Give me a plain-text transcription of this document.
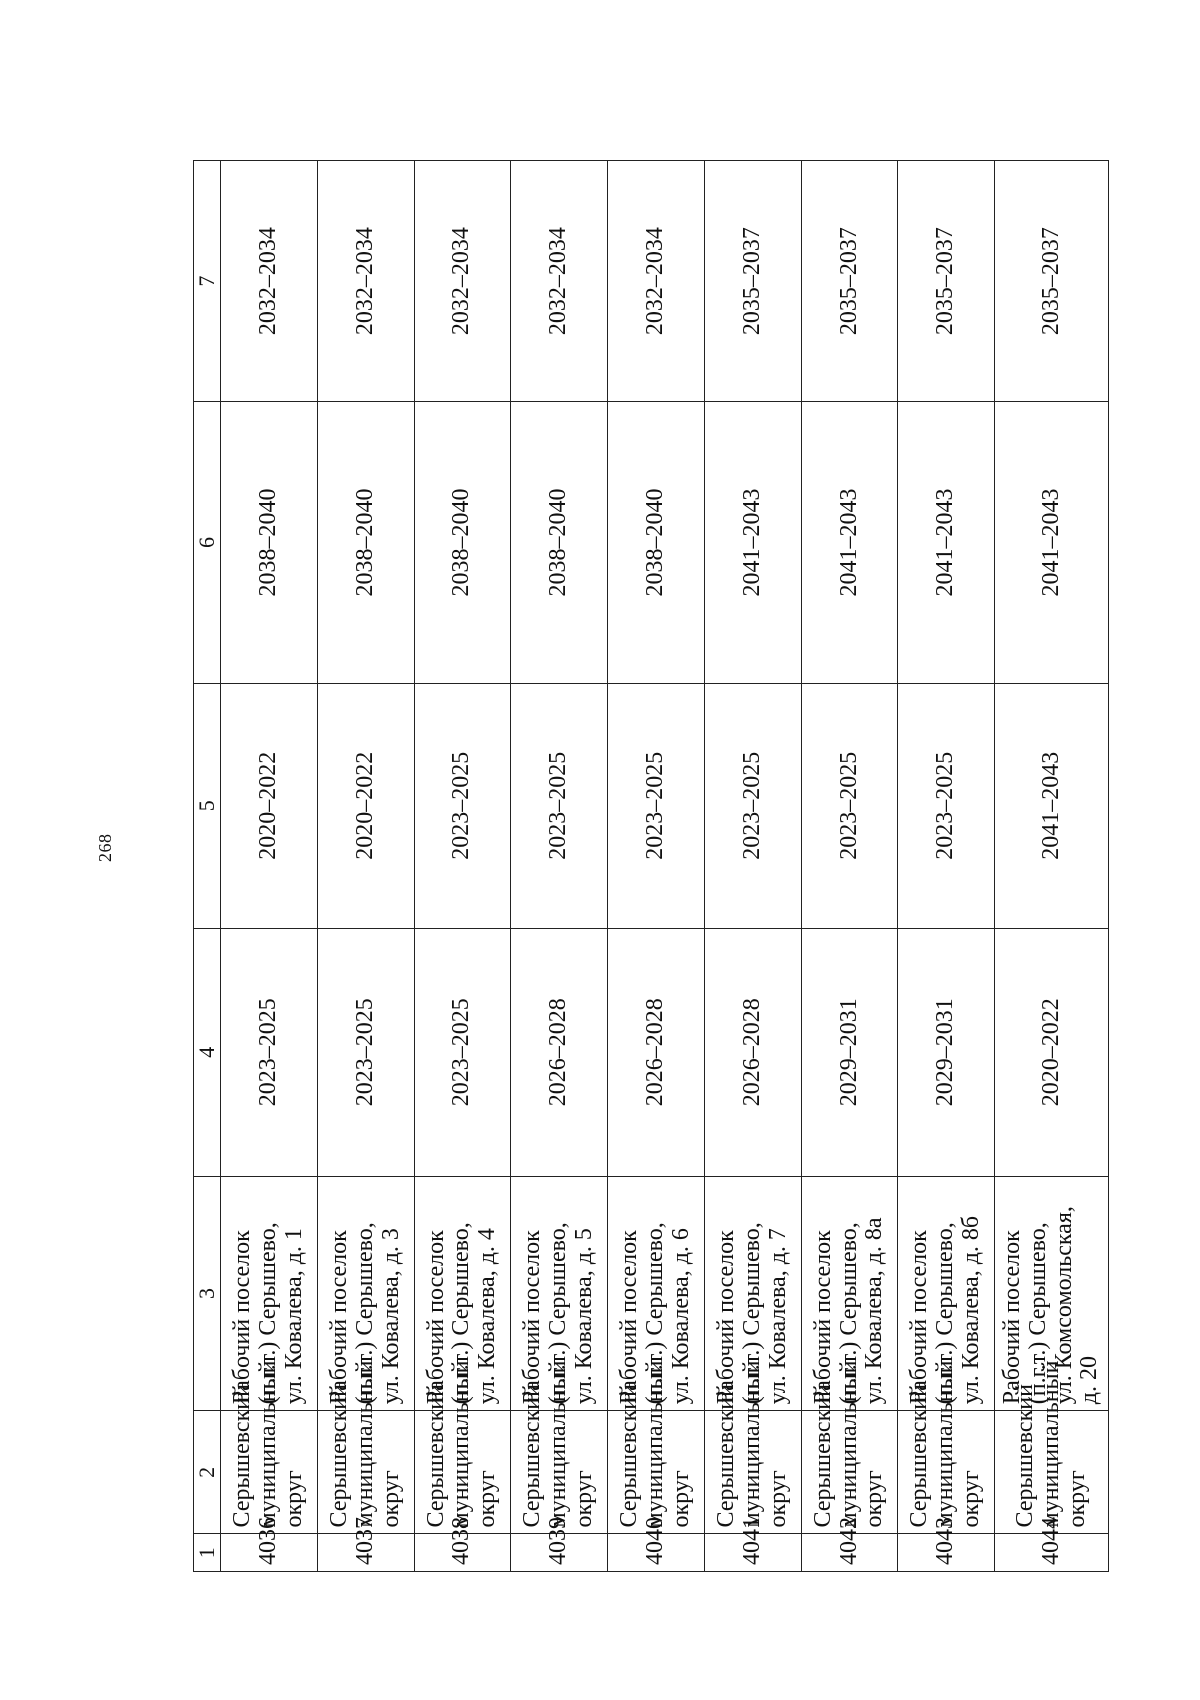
268
1	2	3	4	5	6	7
4036	Серышевский
муниципальный
округ	Рабочий поселок
(п.г.т.) Серышево,
ул. Ковалева, д. 1	2023–2025	2020–2022	2038–2040	2032–2034
4037	Серышевский
муниципальный
округ	Рабочий поселок
(п.г.т.) Серышево,
ул. Ковалева, д. 3	2023–2025	2020–2022	2038–2040	2032–2034
4038	Серышевский
муниципальный
округ	Рабочий поселок
(п.г.т.) Серышево,
ул. Ковалева, д. 4	2023–2025	2023–2025	2038–2040	2032–2034
4039	Серышевский
муниципальный
округ	Рабочий поселок
(п.г.т.) Серышево,
ул. Ковалева, д. 5	2026–2028	2023–2025	2038–2040	2032–2034
4040	Серышевский
муниципальный
округ	Рабочий поселок
(п.г.т.) Серышево,
ул. Ковалева, д. 6	2026–2028	2023–2025	2038–2040	2032–2034
4041	Серышевский
муниципальный
округ	Рабочий поселок
(п.г.т.) Серышево,
ул. Ковалева, д. 7	2026–2028	2023–2025	2041–2043	2035–2037
4042	Серышевский
муниципальный
округ	Рабочий поселок
(п.г.т.) Серышево,
ул. Ковалева, д. 8а	2029–2031	2023–2025	2041–2043	2035–2037
4043	Серышевский
муниципальный
округ	Рабочий поселок
(п.г.т.) Серышево,
ул. Ковалева, д. 8б	2029–2031	2023–2025	2041–2043	2035–2037
4044	Серышевский
муниципальный
округ	Рабочий поселок
(п.г.т.) Серышево,
ул. Комсомольская,
д. 20	2020–2022	2041–2043	2041–2043	2035–2037
